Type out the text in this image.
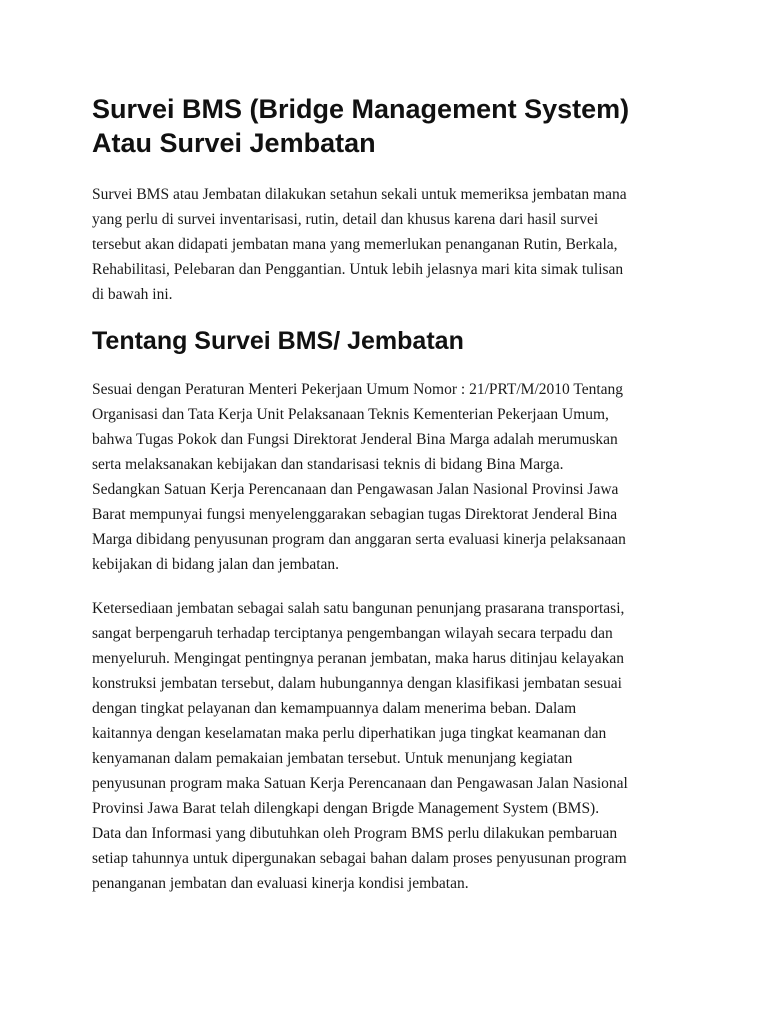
Survei BMS (Bridge Management System)
Atau Survei Jembatan

Survei BMS atau Jembatan dilakukan setahun sekali untuk memeriksa jembatan mana
yang perlu di survei inventarisasi, rutin, detail dan khusus karena dari hasil survei
tersebut akan didapati jembatan mana yang memerlukan penanganan Rutin, Berkala,
Rehabilitasi, Pelebaran dan Penggantian. Untuk lebih jelasnya mari kita simak tulisan
di bawah ini.

Tentang Survei BMS/ Jembatan

Sesuai dengan Peraturan Menteri Pekerjaan Umum Nomor : 21/PRT/M/2010 Tentang
Organisasi dan Tata Kerja Unit Pelaksanaan Teknis Kementerian Pekerjaan Umum,
bahwa Tugas Pokok dan Fungsi Direktorat Jenderal Bina Marga adalah merumuskan
serta melaksanakan kebijakan dan standarisasi teknis di bidang Bina Marga.
Sedangkan Satuan Kerja Perencanaan dan Pengawasan Jalan Nasional Provinsi Jawa
Barat mempunyai fungsi menyelenggarakan sebagian tugas Direktorat Jenderal Bina
Marga dibidang penyusunan program dan anggaran serta evaluasi kinerja pelaksanaan
kebijakan di bidang jalan dan jembatan.

Ketersediaan jembatan sebagai salah satu bangunan penunjang prasarana transportasi,
sangat berpengaruh terhadap terciptanya pengembangan wilayah secara terpadu dan
menyeluruh. Mengingat pentingnya peranan jembatan, maka harus ditinjau kelayakan
konstruksi jembatan tersebut, dalam hubungannya dengan klasifikasi jembatan sesuai
dengan tingkat pelayanan dan kemampuannya dalam menerima beban. Dalam
kaitannya dengan keselamatan maka perlu diperhatikan juga tingkat keamanan dan
kenyamanan dalam pemakaian jembatan tersebut. Untuk menunjang kegiatan
penyusunan program maka Satuan Kerja Perencanaan dan Pengawasan Jalan Nasional
Provinsi Jawa Barat telah dilengkapi dengan Brigde Management System (BMS).
Data dan Informasi yang dibutuhkan oleh Program BMS perlu dilakukan pembaruan
setiap tahunnya untuk dipergunakan sebagai bahan dalam proses penyusunan program
penanganan jembatan dan evaluasi kinerja kondisi jembatan.
